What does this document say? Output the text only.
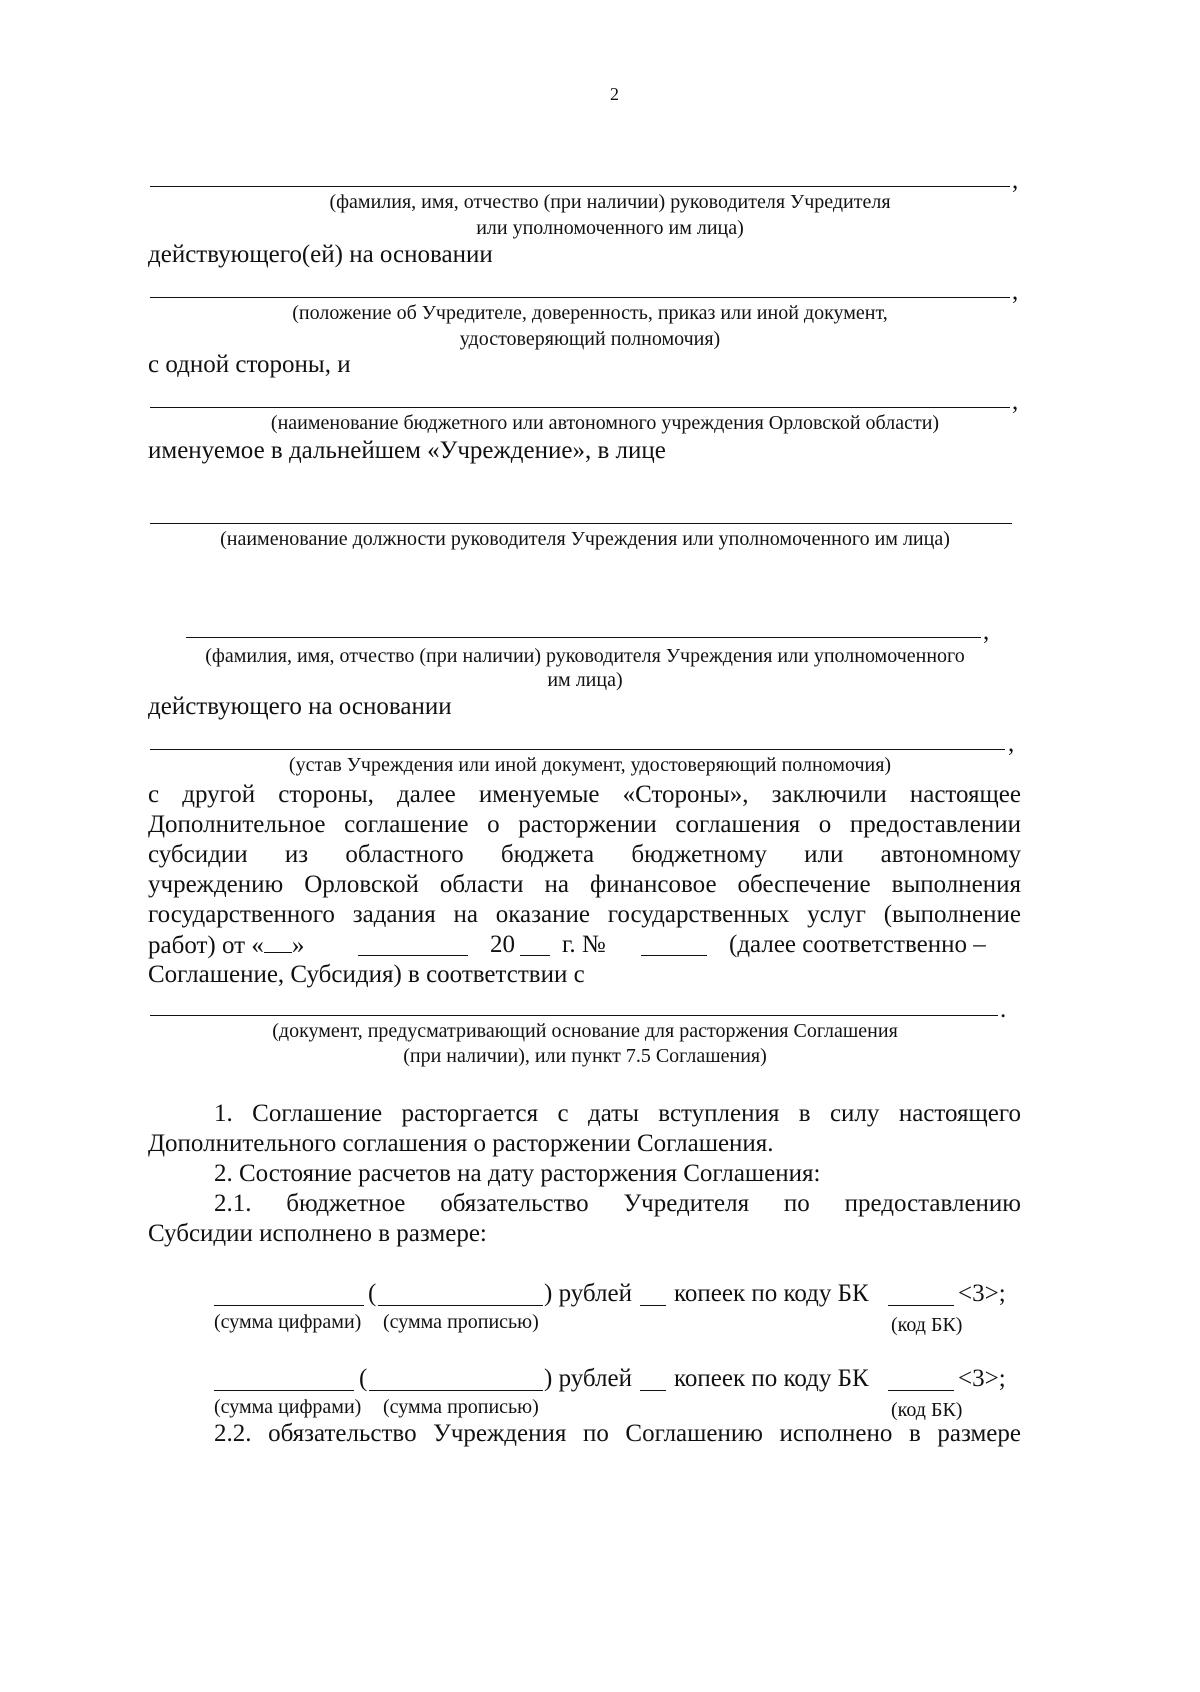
2
,
(фамилия, имя, отчество (при наличии) руководителя Учредителя
или уполномоченного им лица)
действующего(ей) на основании
,
(положение об Учредителе, доверенность, приказ или иной документ,
удостоверяющий полномочия)
с одной стороны, и
,
(наименование бюджетного или автономного учреждения Орловской области)
именуемое в дальнейшем «Учреждение», в лице
(наименование должности руководителя Учреждения или уполномоченного им лица)
,
(фамилия, имя, отчество (при наличии) руководителя Учреждения или уполномоченного
им лица)
действующего на основании
,
(устав Учреждения или иной документ, удостоверяющий полномочия)
с другой стороны, далее именуемые «Стороны», заключили настоящее
Дополнительное соглашение о расторжении соглашения о предоставлении
субсидии из областного бюджета бюджетному или автономному
учреждению Орловской области на финансовое обеспечение выполнения
государственного задания на оказание государственных услуг (выполнение
работ) от « »	20 г. №	(далее соответственно –
Соглашение, Субсидия) в соответствии с
.
(документ, предусматривающий основание для расторжения Соглашения
(при наличии), или пункт 7.5 Соглашения)
1. Соглашение расторгается с даты вступления в силу настоящего
Дополнительного соглашения о расторжении Соглашения.
2. Состояние расчетов на дату расторжения Соглашения:
2.1. бюджетное обязательство Учредителя по предоставлению
Субсидии исполнено в размере:
(	) рублей копеек по коду БК	<3>;
(сумма цифрами) (сумма прописью)	(код БК)
(	) рублей копеек по коду БК	<3>;
(сумма цифрами) (сумма прописью)	(код БК)
2.2. обязательство Учреждения по Соглашению исполнено в размере
